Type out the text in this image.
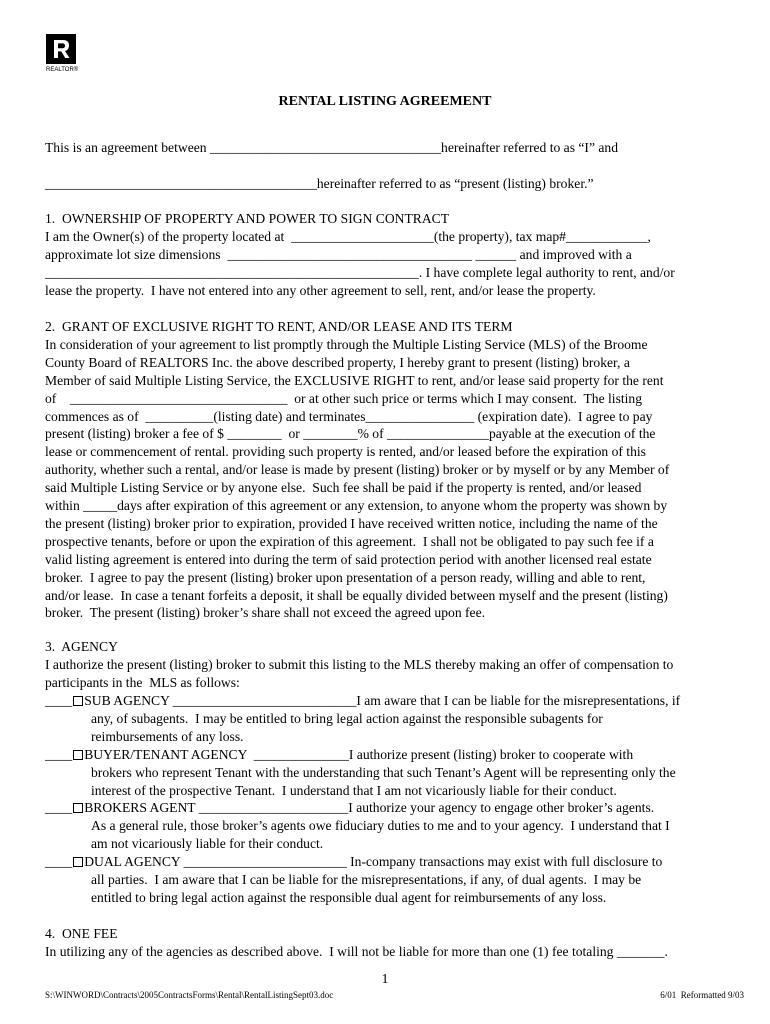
REALTOR®
RENTAL LISTING AGREEMENT
This is an agreement between __________________________________hereinafter referred to as “I” and
________________________________________hereinafter referred to as “present (listing) broker.”
1.  OWNERSHIP OF PROPERTY AND POWER TO SIGN CONTRACT
I am the Owner(s) of the property located at  _____________________(the property), tax map#____________,
approximate lot size dimensions  ____________________________________ ______ and improved with a
_______________________________________________________. I have complete legal authority to rent, and/or
lease the property.  I have not entered into any other agreement to sell, rent, and/or lease the property.
2.  GRANT OF EXCLUSIVE RIGHT TO RENT, AND/OR LEASE AND ITS TERM
In consideration of your agreement to list promptly through the Multiple Listing Service (MLS) of the Broome
County Board of REALTORS Inc. the above described property, I hereby grant to present (listing) broker, a
Member of said Multiple Listing Service, the EXCLUSIVE RIGHT to rent, and/or lease said property for the rent
of    ________________________________  or at other such price or terms which I may consent.  The listing
commences as of  __________(listing date) and terminates________________ (expiration date).  I agree to pay
present (listing) broker a fee of $ ________  or ________% of _______________payable at the execution of the
lease or commencement of rental. providing such property is rented, and/or leased before the expiration of this
authority, whether such a rental, and/or lease is made by present (listing) broker or by myself or by any Member of
said Multiple Listing Service or by anyone else.  Such fee shall be paid if the property is rented, and/or leased
within _____days after expiration of this agreement or any extension, to anyone whom the property was shown by
the present (listing) broker prior to expiration, provided I have received written notice, including the name of the
prospective tenants, before or upon the expiration of this agreement.  I shall not be obligated to pay such fee if a
valid listing agreement is entered into during the term of said protection period with another licensed real estate
broker.  I agree to pay the present (listing) broker upon presentation of a person ready, willing and able to rent,
and/or lease.  In case a tenant forfeits a deposit, it shall be equally divided between myself and the present (listing)
broker.  The present (listing) broker’s share shall not exceed the agreed upon fee.
3.  AGENCY
I authorize the present (listing) broker to submit this listing to the MLS thereby making an offer of compensation to
participants in the  MLS as follows:
____ SUB AGENCY ___________________________I am aware that I can be liable for the misrepresentations, if
any, of subagents.  I may be entitled to bring legal action against the responsible subagents for
reimbursements of any loss.
____ BUYER/TENANT AGENCY  ______________I authorize present (listing) broker to cooperate with
brokers who represent Tenant with the understanding that such Tenant’s Agent will be representing only the
interest of the prospective Tenant.  I understand that I am not vicariously liable for their conduct.
____ BROKERS AGENT ______________________I authorize your agency to engage other broker’s agents.
As a general rule, those broker’s agents owe fiduciary duties to me and to your agency.  I understand that I
am not vicariously liable for their conduct.
____ DUAL AGENCY ________________________ In-company transactions may exist with full disclosure to
all parties.  I am aware that I can be liable for the misrepresentations, if any, of dual agents.  I may be
entitled to bring legal action against the responsible dual agent for reimbursements of any loss.
4.  ONE FEE
In utilizing any of the agencies as described above.  I will not be liable for more than one (1) fee totaling _______.
1
S:\WINWORD\Contracts\2005ContractsForms\Rental\RentalListingSept03.doc	6/01  Reformatted 9/03
